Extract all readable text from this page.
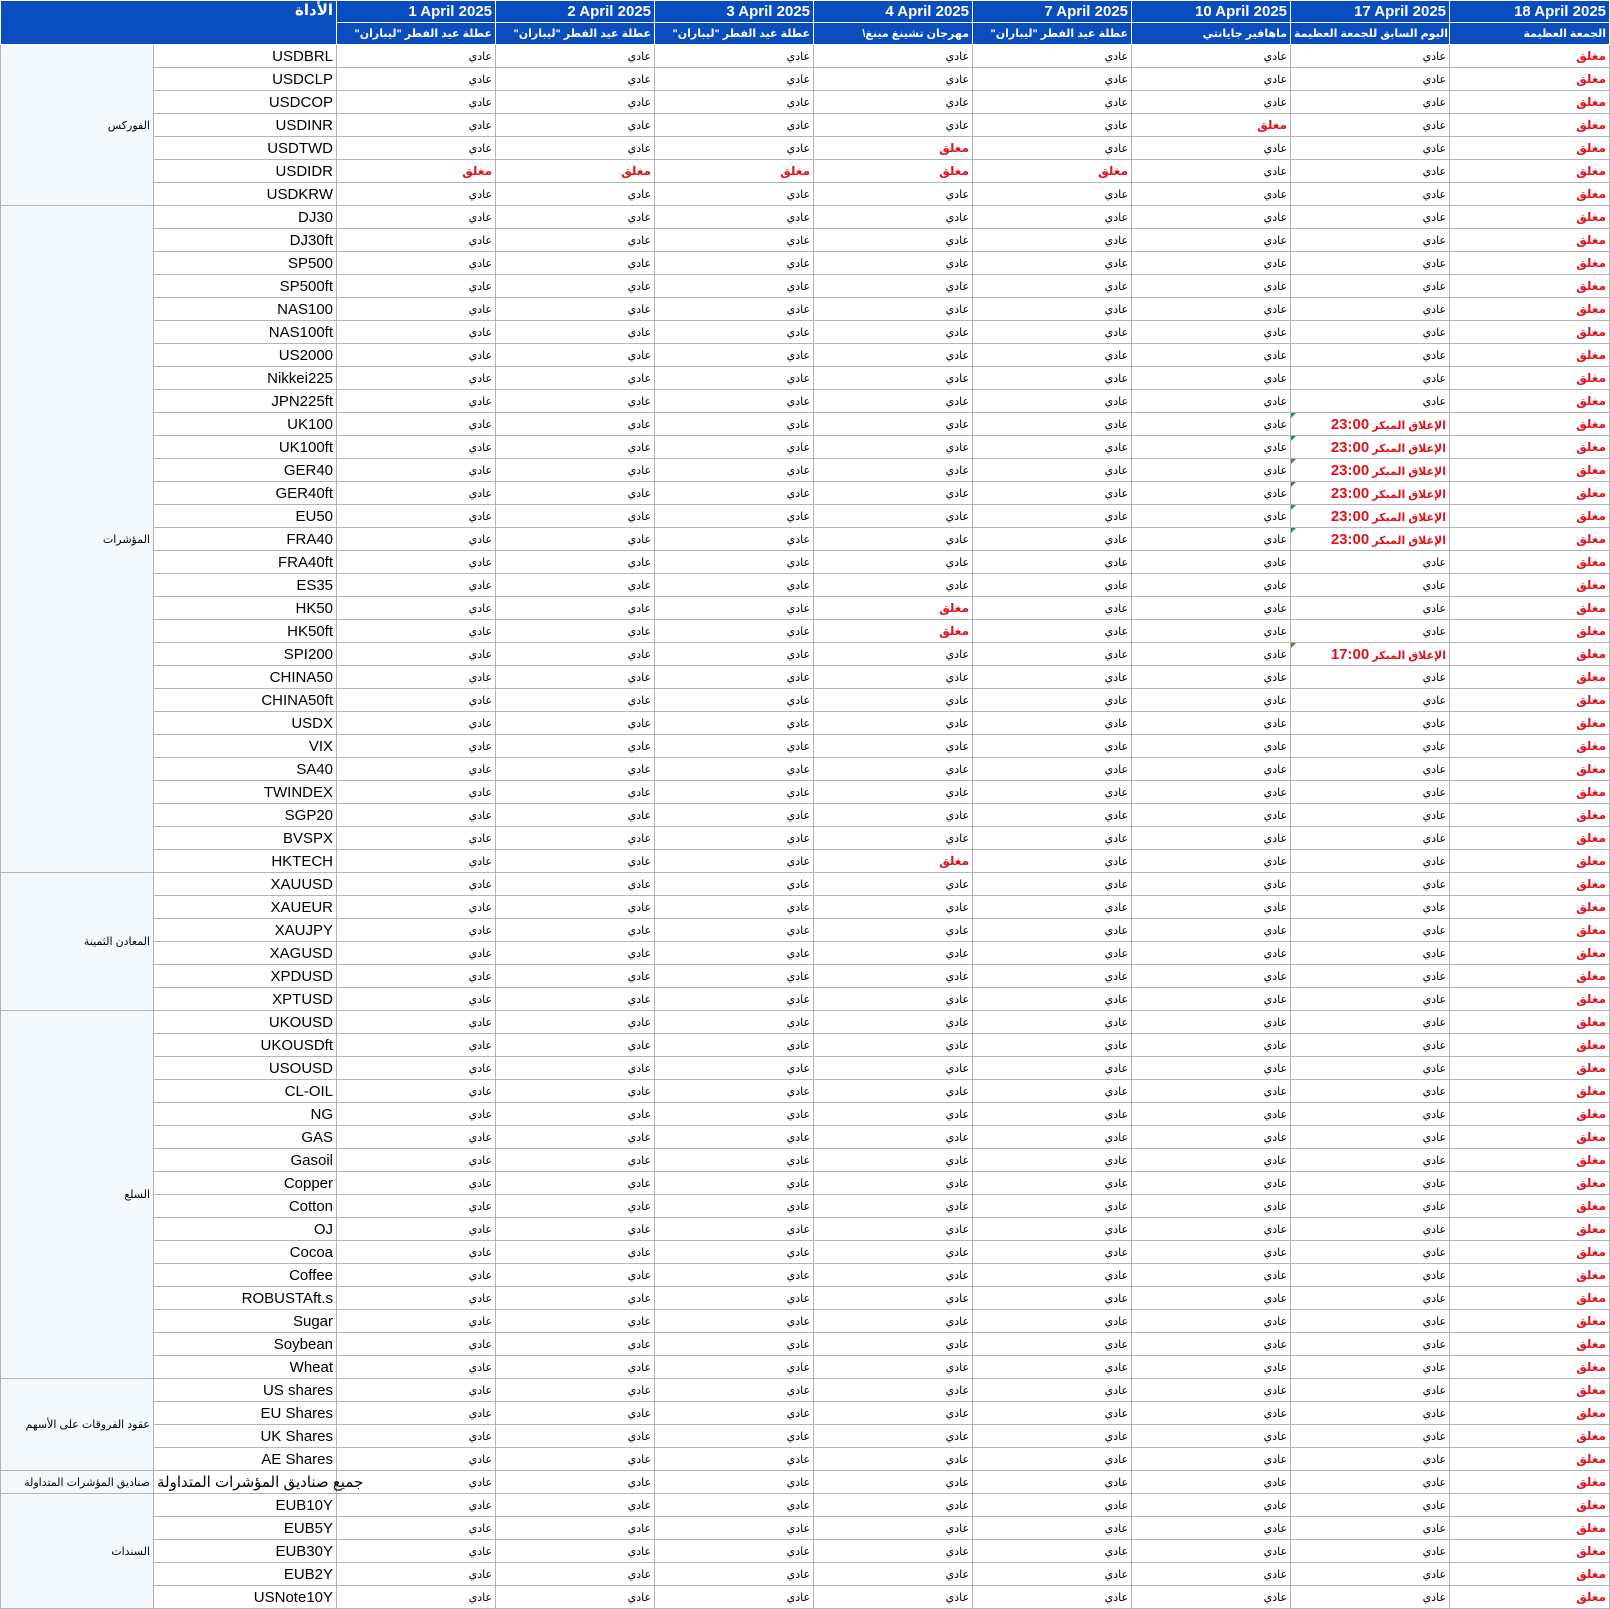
الأداة		1 April 2025	2 April 2025	3 April 2025	4 April 2025	7 April 2025	10 April 2025	17 April 2025	18 April 2025
		"عطلة عيد الفطر "ليباران	"عطلة عيد الفطر "ليباران	"عطلة عيد الفطر "ليباران	\مهرجان تشينغ مينغ	"عطلة عيد الفطر "ليباران	ماهافير جايانتي	اليوم السابق للجمعة العظيمة	الجمعة العظيمة
الفوركس	USDBRL	عادي	عادي	عادي	عادي	عادي	عادي	عادي	مغلق
	USDCLP	عادي	عادي	عادي	عادي	عادي	عادي	عادي	مغلق
	USDCOP	عادي	عادي	عادي	عادي	عادي	عادي	عادي	مغلق
	USDINR	عادي	عادي	عادي	عادي	عادي	مغلق	عادي	مغلق
	USDTWD	عادي	عادي	عادي	مغلق	عادي	عادي	عادي	مغلق
	USDIDR	مغلق	مغلق	مغلق	مغلق	مغلق	عادي	عادي	مغلق
	USDKRW	عادي	عادي	عادي	عادي	عادي	عادي	عادي	مغلق
المؤشرات	DJ30	عادي	عادي	عادي	عادي	عادي	عادي	عادي	مغلق
	DJ30ft	عادي	عادي	عادي	عادي	عادي	عادي	عادي	مغلق
	SP500	عادي	عادي	عادي	عادي	عادي	عادي	عادي	مغلق
	SP500ft	عادي	عادي	عادي	عادي	عادي	عادي	عادي	مغلق
	NAS100	عادي	عادي	عادي	عادي	عادي	عادي	عادي	مغلق
	NAS100ft	عادي	عادي	عادي	عادي	عادي	عادي	عادي	مغلق
	US2000	عادي	عادي	عادي	عادي	عادي	عادي	عادي	مغلق
	Nikkei225	عادي	عادي	عادي	عادي	عادي	عادي	عادي	مغلق
	JPN225ft	عادي	عادي	عادي	عادي	عادي	عادي	عادي	مغلق
	UK100	عادي	عادي	عادي	عادي	عادي	عادي	الإغلاق المبكر 23:00	مغلق
	UK100ft	عادي	عادي	عادي	عادي	عادي	عادي	الإغلاق المبكر 23:00	مغلق
	GER40	عادي	عادي	عادي	عادي	عادي	عادي	الإغلاق المبكر 23:00	مغلق
	GER40ft	عادي	عادي	عادي	عادي	عادي	عادي	الإغلاق المبكر 23:00	مغلق
	EU50	عادي	عادي	عادي	عادي	عادي	عادي	الإغلاق المبكر 23:00	مغلق
	FRA40	عادي	عادي	عادي	عادي	عادي	عادي	الإغلاق المبكر 23:00	مغلق
	FRA40ft	عادي	عادي	عادي	عادي	عادي	عادي	عادي	مغلق
	ES35	عادي	عادي	عادي	عادي	عادي	عادي	عادي	مغلق
	HK50	عادي	عادي	عادي	مغلق	عادي	عادي	عادي	مغلق
	HK50ft	عادي	عادي	عادي	مغلق	عادي	عادي	عادي	مغلق
	SPI200	عادي	عادي	عادي	عادي	عادي	عادي	الإغلاق المبكر 17:00	مغلق
	CHINA50	عادي	عادي	عادي	عادي	عادي	عادي	عادي	مغلق
	CHINA50ft	عادي	عادي	عادي	عادي	عادي	عادي	عادي	مغلق
	USDX	عادي	عادي	عادي	عادي	عادي	عادي	عادي	مغلق
	VIX	عادي	عادي	عادي	عادي	عادي	عادي	عادي	مغلق
	SA40	عادي	عادي	عادي	عادي	عادي	عادي	عادي	مغلق
	TWINDEX	عادي	عادي	عادي	عادي	عادي	عادي	عادي	مغلق
	SGP20	عادي	عادي	عادي	عادي	عادي	عادي	عادي	مغلق
	BVSPX	عادي	عادي	عادي	عادي	عادي	عادي	عادي	مغلق
	HKTECH	عادي	عادي	عادي	مغلق	عادي	عادي	عادي	مغلق
المعادن الثمينة	XAUUSD	عادي	عادي	عادي	عادي	عادي	عادي	عادي	مغلق
	XAUEUR	عادي	عادي	عادي	عادي	عادي	عادي	عادي	مغلق
	XAUJPY	عادي	عادي	عادي	عادي	عادي	عادي	عادي	مغلق
	XAGUSD	عادي	عادي	عادي	عادي	عادي	عادي	عادي	مغلق
	XPDUSD	عادي	عادي	عادي	عادي	عادي	عادي	عادي	مغلق
	XPTUSD	عادي	عادي	عادي	عادي	عادي	عادي	عادي	مغلق
السلع	UKOUSD	عادي	عادي	عادي	عادي	عادي	عادي	عادي	مغلق
	UKOUSDft	عادي	عادي	عادي	عادي	عادي	عادي	عادي	مغلق
	USOUSD	عادي	عادي	عادي	عادي	عادي	عادي	عادي	مغلق
	CL-OIL	عادي	عادي	عادي	عادي	عادي	عادي	عادي	مغلق
	NG	عادي	عادي	عادي	عادي	عادي	عادي	عادي	مغلق
	GAS	عادي	عادي	عادي	عادي	عادي	عادي	عادي	مغلق
	Gasoil	عادي	عادي	عادي	عادي	عادي	عادي	عادي	مغلق
	Copper	عادي	عادي	عادي	عادي	عادي	عادي	عادي	مغلق
	Cotton	عادي	عادي	عادي	عادي	عادي	عادي	عادي	مغلق
	OJ	عادي	عادي	عادي	عادي	عادي	عادي	عادي	مغلق
	Cocoa	عادي	عادي	عادي	عادي	عادي	عادي	عادي	مغلق
	Coffee	عادي	عادي	عادي	عادي	عادي	عادي	عادي	مغلق
	ROBUSTAft.s	عادي	عادي	عادي	عادي	عادي	عادي	عادي	مغلق
	Sugar	عادي	عادي	عادي	عادي	عادي	عادي	عادي	مغلق
	Soybean	عادي	عادي	عادي	عادي	عادي	عادي	عادي	مغلق
	Wheat	عادي	عادي	عادي	عادي	عادي	عادي	عادي	مغلق
عقود الفروقات على الأسهم	US shares	عادي	عادي	عادي	عادي	عادي	عادي	عادي	مغلق
	EU Shares	عادي	عادي	عادي	عادي	عادي	عادي	عادي	مغلق
	UK Shares	عادي	عادي	عادي	عادي	عادي	عادي	عادي	مغلق
	AE Shares	عادي	عادي	عادي	عادي	عادي	عادي	عادي	مغلق
صناديق المؤشرات المتداولة	جميع صناديق المؤشرات المتداولة	عادي	عادي	عادي	عادي	عادي	عادي	عادي	مغلق
السندات	EUB10Y	عادي	عادي	عادي	عادي	عادي	عادي	عادي	مغلق
	EUB5Y	عادي	عادي	عادي	عادي	عادي	عادي	عادي	مغلق
	EUB30Y	عادي	عادي	عادي	عادي	عادي	عادي	عادي	مغلق
	EUB2Y	عادي	عادي	عادي	عادي	عادي	عادي	عادي	مغلق
	USNote10Y	عادي	عادي	عادي	عادي	عادي	عادي	عادي	مغلق
